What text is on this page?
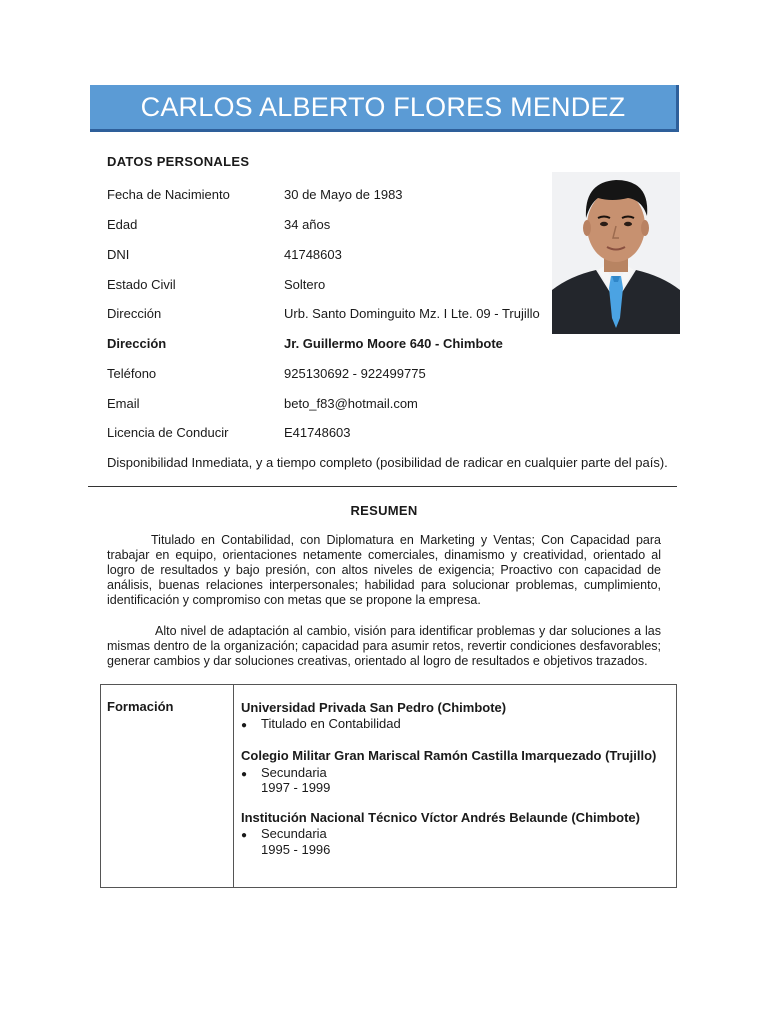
CARLOS ALBERTO FLORES MENDEZ
DATOS PERSONALES
Fecha de Nacimiento	30 de Mayo de 1983
Edad	34 años
DNI	41748603
Estado Civil	Soltero
Dirección	Urb. Santo Dominguito Mz. I Lte. 09 - Trujillo
Dirección	Jr. Guillermo Moore 640 - Chimbote
Teléfono	925130692 - 922499775
Email	beto_f83@hotmail.com
Licencia de Conducir	E41748603
Disponibilidad Inmediata, y a tiempo completo (posibilidad de radicar en cualquier parte del país).
RESUMEN

Titulado en Contabilidad, con Diplomatura en Marketing y Ventas; Con Capacidad para trabajar en equipo, orientaciones netamente comerciales, dinamismo y creatividad, orientado al logro de resultados y bajo presión, con altos niveles de exigencia; Proactivo con capacidad de análisis, buenas relaciones interpersonales; habilidad para solucionar problemas, cumplimiento, identificación y compromiso con metas que se propone la empresa.

Alto nivel de adaptación al cambio, visión para identificar problemas y dar soluciones a las mismas dentro de la organización; capacidad para asumir retos, revertir condiciones desfavorables; generar cambios y dar soluciones creativas, orientado al logro de resultados e objetivos trazados.

Formación	Universidad Privada San Pedro (Chimbote)
● Titulado en Contabilidad
Colegio Militar Gran Mariscal Ramón Castilla Imarquezado (Trujillo)
● Secundaria
1997 - 1999
Institución Nacional Técnico Víctor Andrés Belaunde (Chimbote)
● Secundaria
1995 - 1996
